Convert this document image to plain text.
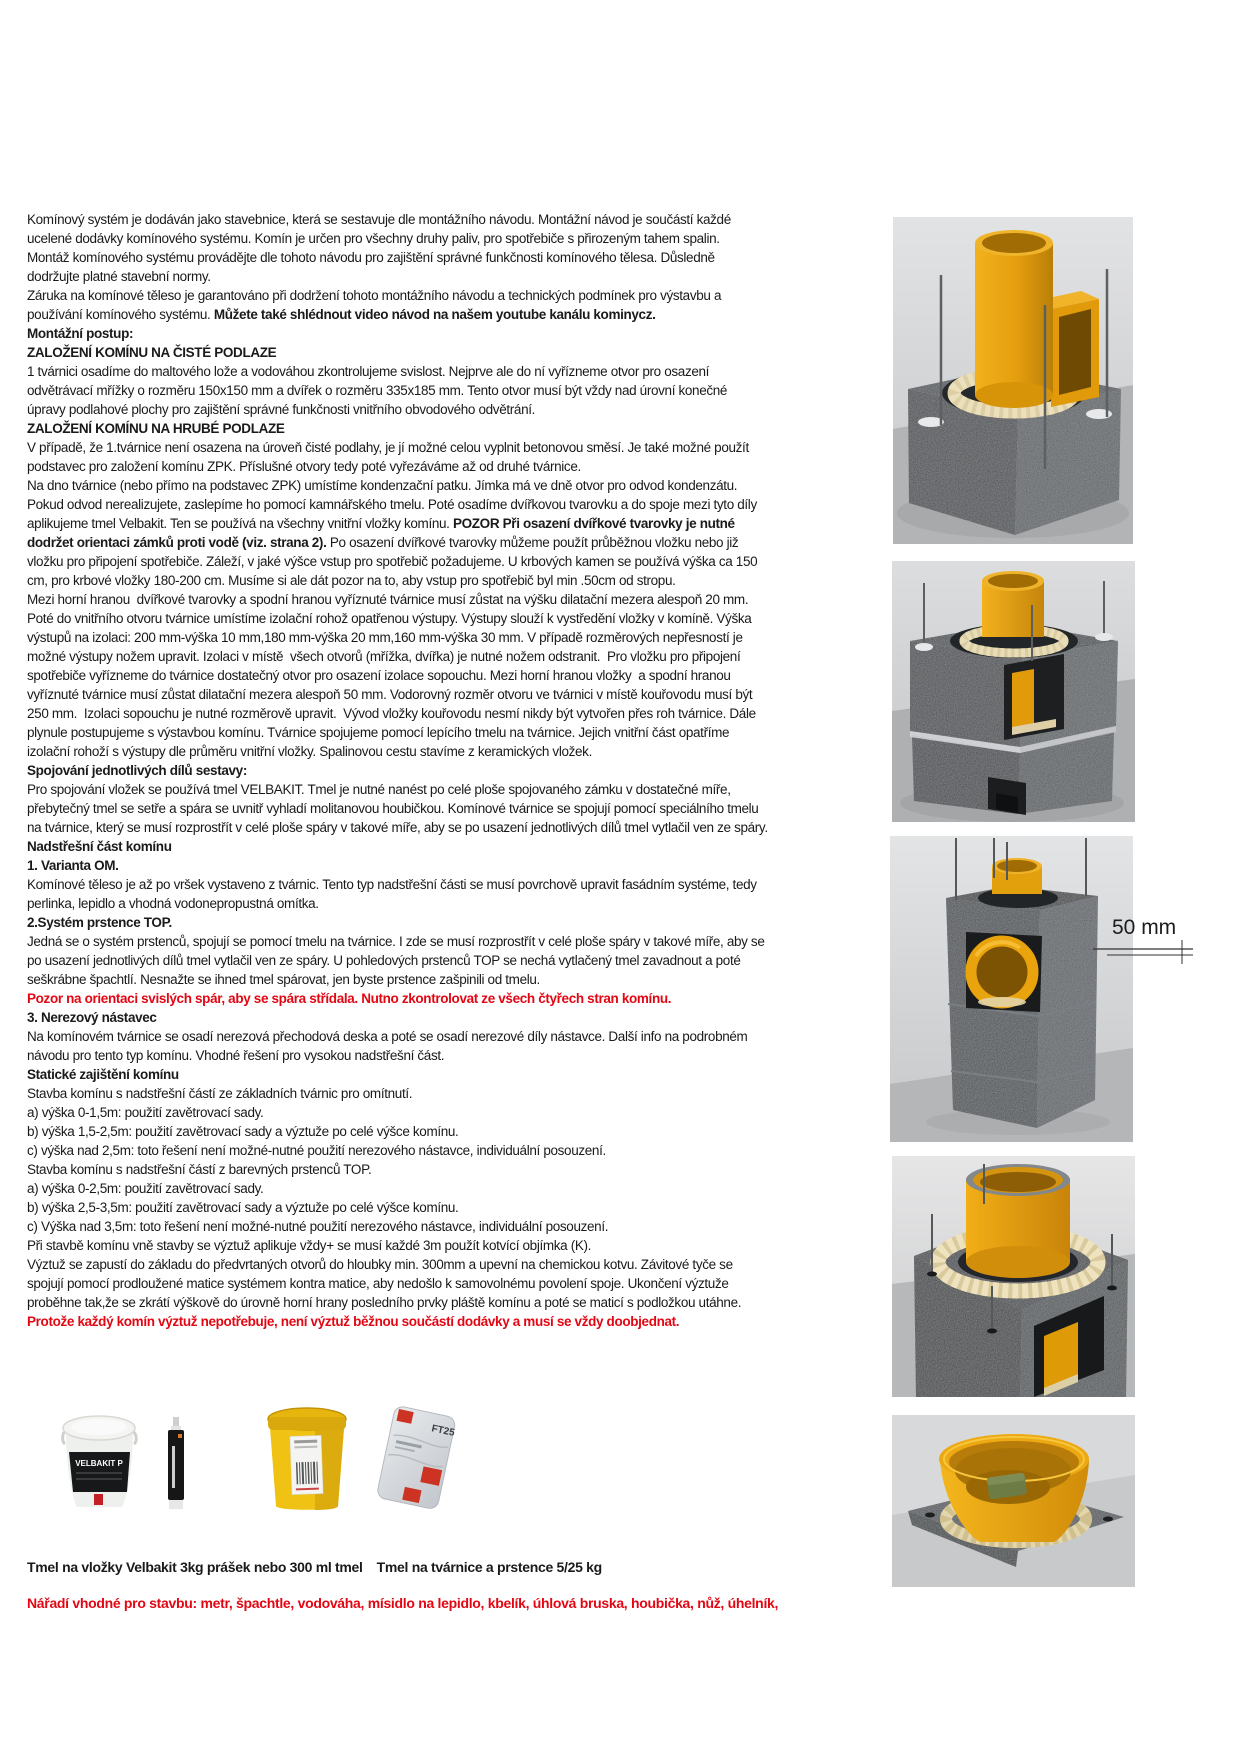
Komínový systém je dodáván jako stavebnice, která se sestavuje dle montážního návodu. Montážní návod je součástí každé
ucelené dodávky komínového systému. Komín je určen pro všechny druhy paliv, pro spotřebiče s přirozeným tahem spalin.
Montáž komínového systému provádějte dle tohoto návodu pro zajištění správné funkčnosti komínového tělesa. Důsledně
dodržujte platné stavební normy.
Záruka na komínové těleso je garantováno při dodržení tohoto montážního návodu a technických podmínek pro výstavbu a
používání komínového systému. Můžete také shlédnout video návod na našem youtube kanálu kominycz.
Montážní postup:
ZALOŽENÍ KOMÍNU NA ČISTÉ PODLAZE
1 tvárnici osadíme do maltového lože a vodováhou zkontrolujeme svislost. Nejprve ale do ní vyřízneme otvor pro osazení
odvětrávací mřížky o rozměru 150x150 mm a dvířek o rozměru 335x185 mm. Tento otvor musí být vždy nad úrovní konečné
úpravy podlahové plochy pro zajištění správné funkčnosti vnitřního obvodového odvětrání.
ZALOŽENÍ KOMÍNU NA HRUBÉ PODLAZE
V případě, že 1.tvárnice není osazena na úroveň čisté podlahy, je jí možné celou vyplnit betonovou směsí. Je také možné použít
podstavec pro založení komínu ZPK. Příslušné otvory tedy poté vyřezáváme až od druhé tvárnice.
Na dno tvárnice (nebo přímo na podstavec ZPK) umístíme kondenzační patku. Jímka má ve dně otvor pro odvod kondenzátu.
Pokud odvod nerealizujete, zaslepíme ho pomocí kamnářského tmelu. Poté osadíme dvířkovou tvarovku a do spoje mezi tyto díly
aplikujeme tmel Velbakit. Ten se používá na všechny vnitřní vložky komínu. POZOR Při osazení dvířkové tvarovky je nutné
dodržet orientaci zámků proti vodě (viz. strana 2). Po osazení dvířkové tvarovky můžeme použít průběžnou vložku nebo již
vložku pro připojení spotřebiče. Záleží, v jaké výšce vstup pro spotřebič požadujeme. U krbových kamen se používá výška ca 150
cm, pro krbové vložky 180-200 cm. Musíme si ale dát pozor na to, aby vstup pro spotřebič byl min .50cm od stropu.
Mezi horní hranou  dvířkové tvarovky a spodní hranou vyříznuté tvárnice musí zůstat na výšku dilatační mezera alespoň 20 mm.
Poté do vnitřního otvoru tvárnice umístíme izolační rohož opatřenou výstupy. Výstupy slouží k vystředění vložky v komíně. Výška
výstupů na izolaci: 200 mm-výška 10 mm,180 mm-výška 20 mm,160 mm-výška 30 mm. V případě rozměrových nepřesností je
možné výstupy nožem upravit. Izolaci v místě  všech otvorů (mřížka, dvířka) je nutné nožem odstranit.  Pro vložku pro připojení
spotřebiče vyřízneme do tvárnice dostatečný otvor pro osazení izolace sopouchu. Mezi horní hranou vložky  a spodní hranou
vyříznuté tvárnice musí zůstat dilatační mezera alespoň 50 mm. Vodorovný rozměr otvoru ve tvárnici v místě kouřovodu musí být
250 mm.  Izolaci sopouchu je nutné rozměrově upravit.  Vývod vložky kouřovodu nesmí nikdy být vytvořen přes roh tvárnice. Dále
plynule postupujeme s výstavbou komínu. Tvárnice spojujeme pomocí lepícího tmelu na tvárnice. Jejich vnitřní část opatříme
izolační rohoží s výstupy dle průměru vnitřní vložky. Spalinovou cestu stavíme z keramických vložek.
Spojování jednotlivých dílů sestavy:
Pro spojování vložek se používá tmel VELBAKIT. Tmel je nutné nanést po celé ploše spojovaného zámku v dostatečné míře,
přebytečný tmel se setře a spára se uvnitř vyhladí molitanovou houbičkou. Komínové tvárnice se spojují pomocí speciálního tmelu
na tvárnice, který se musí rozprostřít v celé ploše spáry v takové míře, aby se po usazení jednotlivých dílů tmel vytlačil ven ze spáry.
Nadstřešní část komínu
1. Varianta OM.
Komínové těleso je až po vršek vystaveno z tvárnic. Tento typ nadstřešní části se musí povrchově upravit fasádním systéme, tedy
perlinka, lepidlo a vhodná vodonepropustná omítka.
2.Systém prstence TOP.
Jedná se o systém prstenců, spojují se pomocí tmelu na tvárnice. I zde se musí rozprostřít v celé ploše spáry v takové míře, aby se
po usazení jednotlivých dílů tmel vytlačil ven ze spáry. U pohledových prstenců TOP se nechá vytlačený tmel zavadnout a poté
seškrábne špachtlí. Nesnažte se ihned tmel spárovat, jen byste prstence zašpinili od tmelu.
Pozor na orientaci svislých spár, aby se spára střídala. Nutno zkontrolovat ze všech čtyřech stran komínu.
3. Nerezový nástavec
Na komínovém tvárnice se osadí nerezová přechodová deska a poté se osadí nerezové díly nástavce. Další info na podrobném
návodu pro tento typ komínu. Vhodné řešení pro vysokou nadstřešní část.
Statické zajištění komínu
Stavba komínu s nadstřešní částí ze základních tvárnic pro omítnutí.
a) výška 0-1,5m: použití zavětrovací sady.
b) výška 1,5-2,5m: použití zavětrovací sady a výztuže po celé výšce komínu.
c) výška nad 2,5m: toto řešení není možné-nutné použití nerezového nástavce, individuální posouzení.
Stavba komínu s nadstřešní částí z barevných prstenců TOP.
a) výška 0-2,5m: použití zavětrovací sady.
b) výška 2,5-3,5m: použití zavětrovací sady a výztuže po celé výšce komínu.
c) Výška nad 3,5m: toto řešení není možné-nutné použití nerezového nástavce, individuální posouzení.
Při stavbě komínu vně stavby se výztuž aplikuje vždy+ se musí každé 3m použít kotvící objímka (K).
Výztuž se zapustí do základu do předvrtaných otvorů do hloubky min. 300mm a upevní na chemickou kotvu. Závitové tyče se
spojují pomocí prodloužené matice systémem kontra matice, aby nedošlo k samovolnému povolení spoje. Ukončení výztuže
proběhne tak,že se zkrátí výškově do úrovně horní hrany posledního prvky pláště komínu a poté se maticí s podložkou utáhne.
Protože každý komín výztuž nepotřebuje, není výztuž běžnou součástí dodávky a musí se vždy doobjednat.
50 mm
VELBAKIT P
FT25
Tmel na vložky Velbakit 3kg prášek nebo 300 ml tmel Tmel na tvárnice a prstence 5/25 kg
Nářadí vhodné pro stavbu: metr, špachtle, vodováha, mísidlo na lepidlo, kbelík, úhlová bruska, houbička, nůž, úhelník,
